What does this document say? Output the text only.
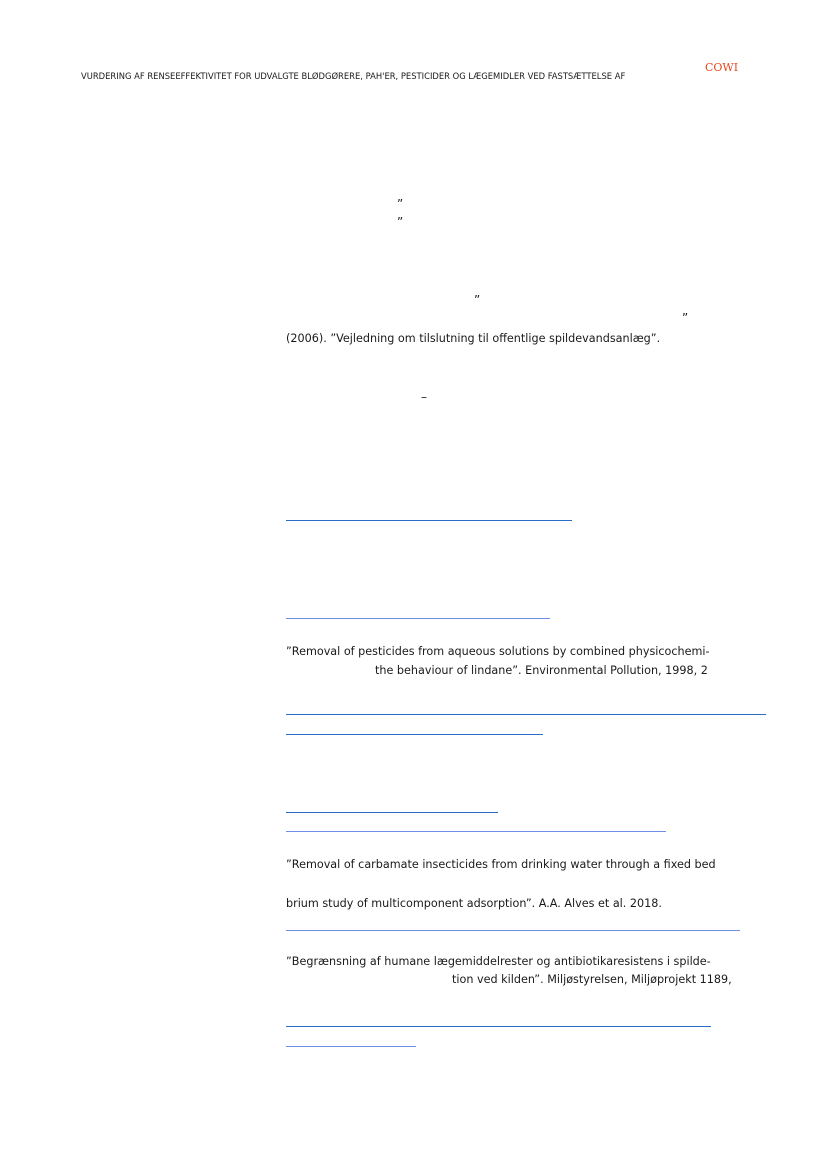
COWI
VURDERING AF RENSEEFFEKTIVITET FOR UDVALGTE BLØDGØRERE, PAH'ER, PESTICIDER OG LÆGEMIDLER VED FASTSÆTTELSE AF
”
”
”
”
(2006). ”Vejledning om tilslutning til offentlige spildevandsanlæg”.
–
”Removal of pesticides from aqueous solutions by combined physicochemi-
the behaviour of lindane”. Environmental Pollution, 1998, 2
”Removal of carbamate insecticides from drinking water through a fixed bed
brium study of multicomponent adsorption”. A.A. Alves et al. 2018.
”Begrænsning af humane lægemiddelrester og antibiotikaresistens i spilde-
tion ved kilden”. Miljøstyrelsen, Miljøprojekt 1189,
